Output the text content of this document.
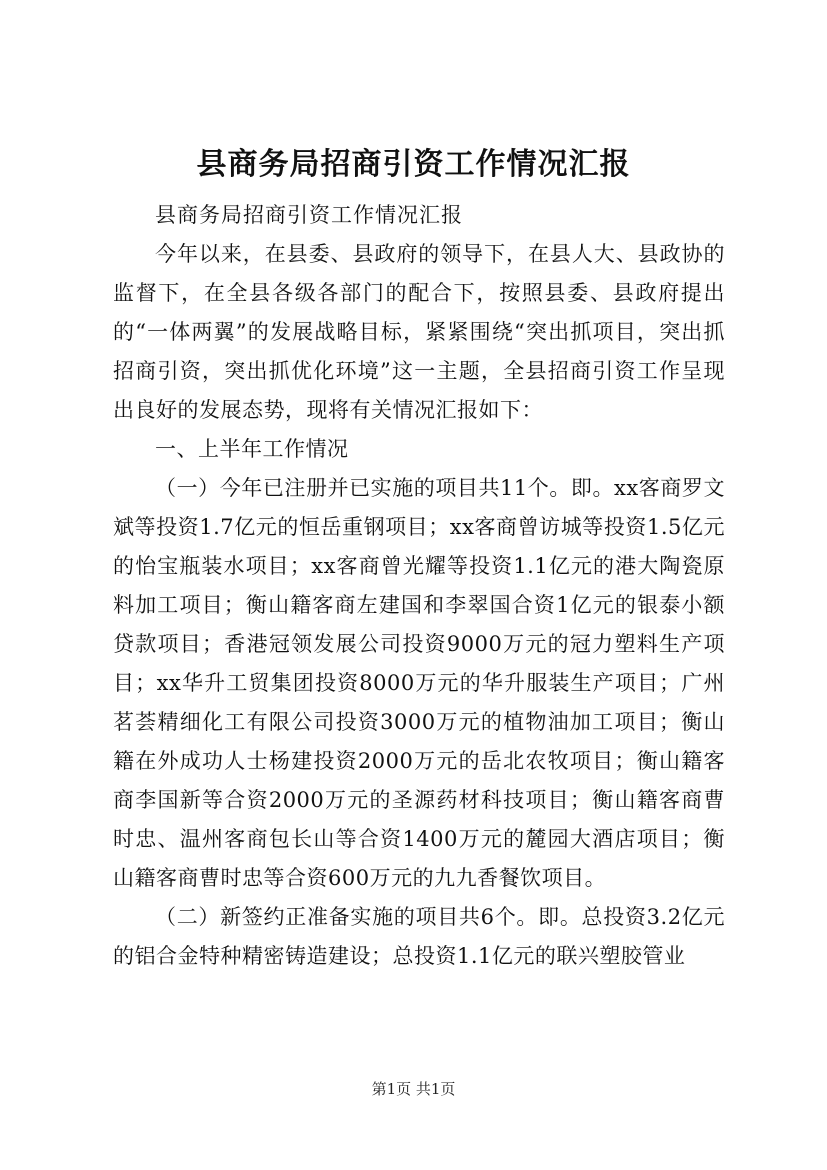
县商务局招商引资工作情况汇报

县商务局招商引资工作情况汇报

今年以来，在县委、县政府的领导下，在县人大、县政协的监督下，在全县各级各部门的配合下，按照县委、县政府提出的“一体两翼”的发展战略目标，紧紧围绕“突出抓项目，突出抓招商引资，突出抓优化环境”这一主题，全县招商引资工作呈现出良好的发展态势，现将有关情况汇报如下：

一、上半年工作情况

（一）今年已注册并已实施的项目共11个。即。xx客商罗文斌等投资1.7亿元的恒岳重钢项目；xx客商曾访城等投资1.5亿元的怡宝瓶装水项目；xx客商曾光耀等投资1.1亿元的港大陶瓷原料加工项目；衡山籍客商左建国和李翠国合资1亿元的银泰小额贷款项目；香港冠领发展公司投资9000万元的冠力塑料生产项目；xx华升工贸集团投资8000万元的华升服装生产项目；广州茗荟精细化工有限公司投资3000万元的植物油加工项目；衡山籍在外成功人士杨建投资2000万元的岳北农牧项目；衡山籍客商李国新等合资2000万元的圣源药材科技项目；衡山籍客商曹时忠、温州客商包长山等合资1400万元的麓园大酒店项目；衡山籍客商曹时忠等合资600万元的九九香餐饮项目。

（二）新签约正准备实施的项目共6个。即。总投资3.2亿元的铝合金特种精密铸造建设；总投资1.1亿元的联兴塑胶管业

第1页 共1页
